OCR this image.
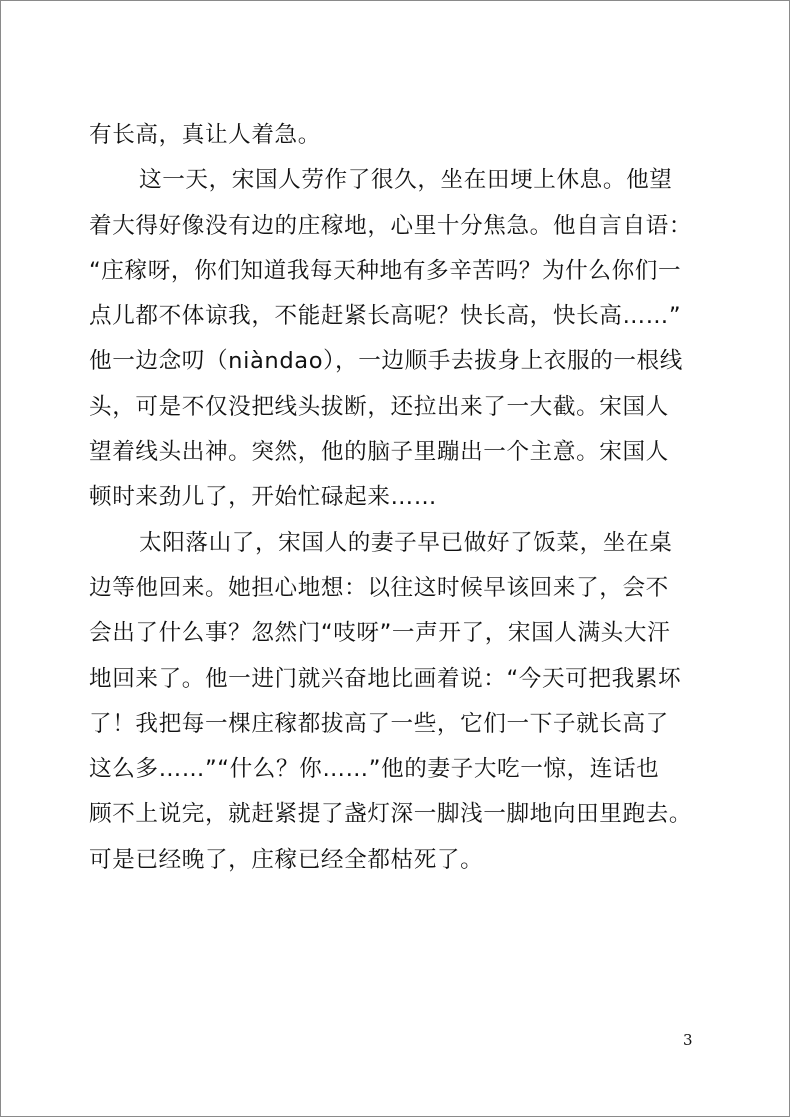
有长高，真让人着急。
这一天，宋国人劳作了很久，坐在田埂上休息。他望
着大得好像没有边的庄稼地，心里十分焦急。他自言自语：
“庄稼呀，你们知道我每天种地有多辛苦吗？为什么你们一
点儿都不体谅我，不能赶紧长高呢？快长高，快长高……”
他一边念叨（niàndao），一边顺手去拔身上衣服的一根线
头，可是不仅没把线头拔断，还拉出来了一大截。宋国人
望着线头出神。突然，他的脑子里蹦出一个主意。宋国人
顿时来劲儿了，开始忙碌起来……
太阳落山了，宋国人的妻子早已做好了饭菜，坐在桌
边等他回来。她担心地想：以往这时候早该回来了，会不
会出了什么事？忽然门“吱呀”一声开了，宋国人满头大汗
地回来了。他一进门就兴奋地比画着说：“今天可把我累坏
了！我把每一棵庄稼都拔高了一些，它们一下子就长高了
这么多……”“什么？你……”他的妻子大吃一惊，连话也
顾不上说完，就赶紧提了盏灯深一脚浅一脚地向田里跑去。
可是已经晚了，庄稼已经全都枯死了。
3
